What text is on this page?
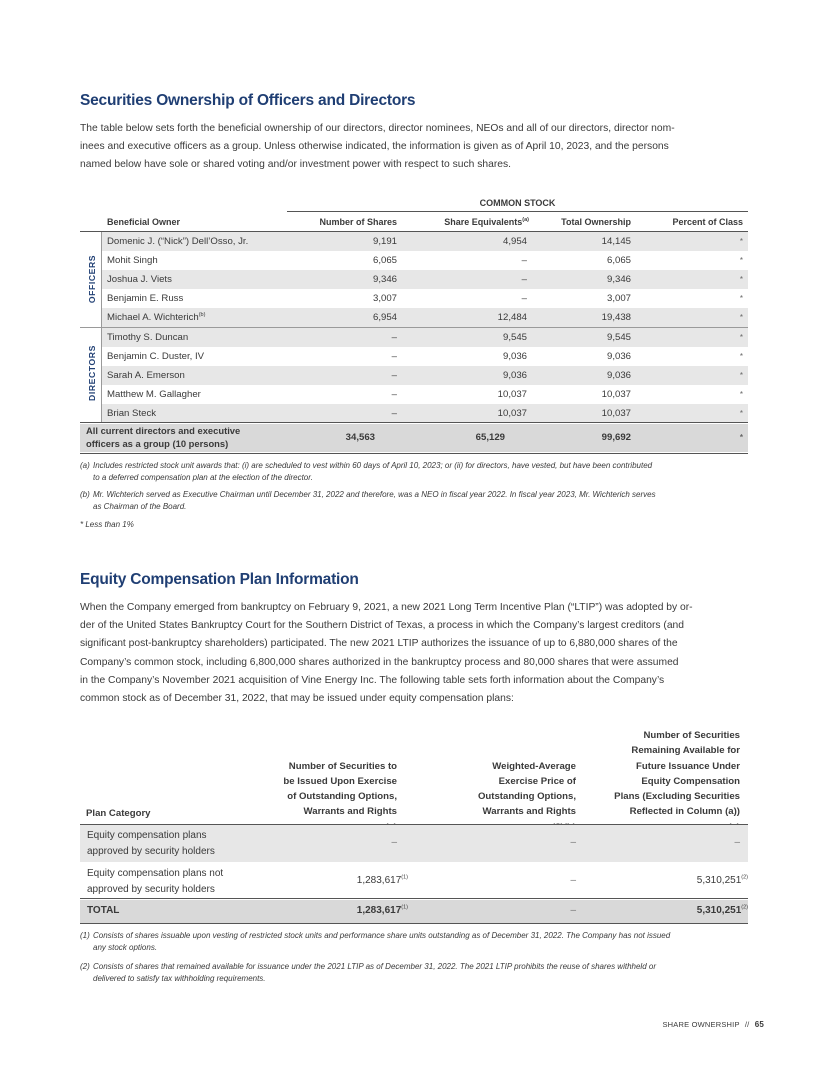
Securities Ownership of Officers and Directors
The table below sets forth the beneficial ownership of our directors, director nominees, NEOs and all of our directors, director nom-
inees and executive officers as a group. Unless otherwise indicated, the information is given as of April 10, 2023, and the persons
named below have sole or shared voting and/or investment power with respect to such shares.
COMMON STOCK
Beneficial Owner	Number of Shares	Share Equivalents$^{(a)}$	Total Ownership	Percent of Class
OFFICERS
DIRECTORS
Domenic J. (“Nick”) Dell’Osso, Jr.	9,191	4,954	14,145	*
Mohit Singh	6,065	–	6,065	*
Joshua J. Viets	9,346	–	9,346	*
Benjamin E. Russ	3,007	–	3,007	*
Michael A. Wichterich$^{(b)}$	6,954	12,484	19,438	*
Timothy S. Duncan	–	9,545	9,545	*
Benjamin C. Duster, IV	–	9,036	9,036	*
Sarah A. Emerson	–	9,036	9,036	*
Matthew M. Gallagher	–	10,037	10,037	*
Brian Steck	–	10,037	10,037	*
All current directors and executive
officers as a group (10 persons)	34,563	65,129	99,692	*
(a) Includes restricted stock unit awards that: (i) are scheduled to vest within 60 days of April 10, 2023; or (ii) for directors, have vested, but have been contributed
to a deferred compensation plan at the election of the director.
(b) Mr. Wichterich served as Executive Chairman until December 31, 2022 and therefore, was a NEO in fiscal year 2022. In fiscal year 2023, Mr. Wichterich serves
as Chairman of the Board.
* Less than 1%
Equity Compensation Plan Information
When the Company emerged from bankruptcy on February 9, 2021, a new 2021 Long Term Incentive Plan (“LTIP”) was adopted by or-
der of the United States Bankruptcy Court for the Southern District of Texas, a process in which the Company’s largest creditors (and
significant post-bankruptcy shareholders) participated. The new 2021 LTIP authorizes the issuance of up to 6,880,000 shares of the
Company’s common stock, including 6,800,000 shares authorized in the bankruptcy process and 80,000 shares that were assumed
in the Company’s November 2021 acquisition of Vine Energy Inc. The following table sets forth information about the Company’s
common stock as of December 31, 2022, that may be issued under equity compensation plans:
Number of Securities to
be Issued Upon Exercise
of Outstanding Options,
Warrants and Rights

Weighted-Average
Exercise Price of
Outstanding Options,
Warrants and Rights

Number of Securities
Remaining Available for
Future Issuance Under
Equity Compensation
Plans (Excluding Securities
Reflected in Column (a))

Plan Category
Equity compensation plans
approved by security holders
–	–	–
Equity compensation plans not
approved by security holders
1,283,617$^{(1)}$	–	5,310,251$^{(2)}$
TOTAL	1,283,617$^{(1)}$	–	5,310,251$^{(2)}$
(1) Consists of shares issuable upon vesting of restricted stock units and performance share units outstanding as of December 31, 2022. The Company has not issued
any stock options.
(2) Consists of shares that remained available for issuance under the 2021 LTIP as of December 31, 2022. The 2021 LTIP prohibits the reuse of shares withheld or
delivered to satisfy tax withholding requirements.
SHARE OWNERSHIP // 65
